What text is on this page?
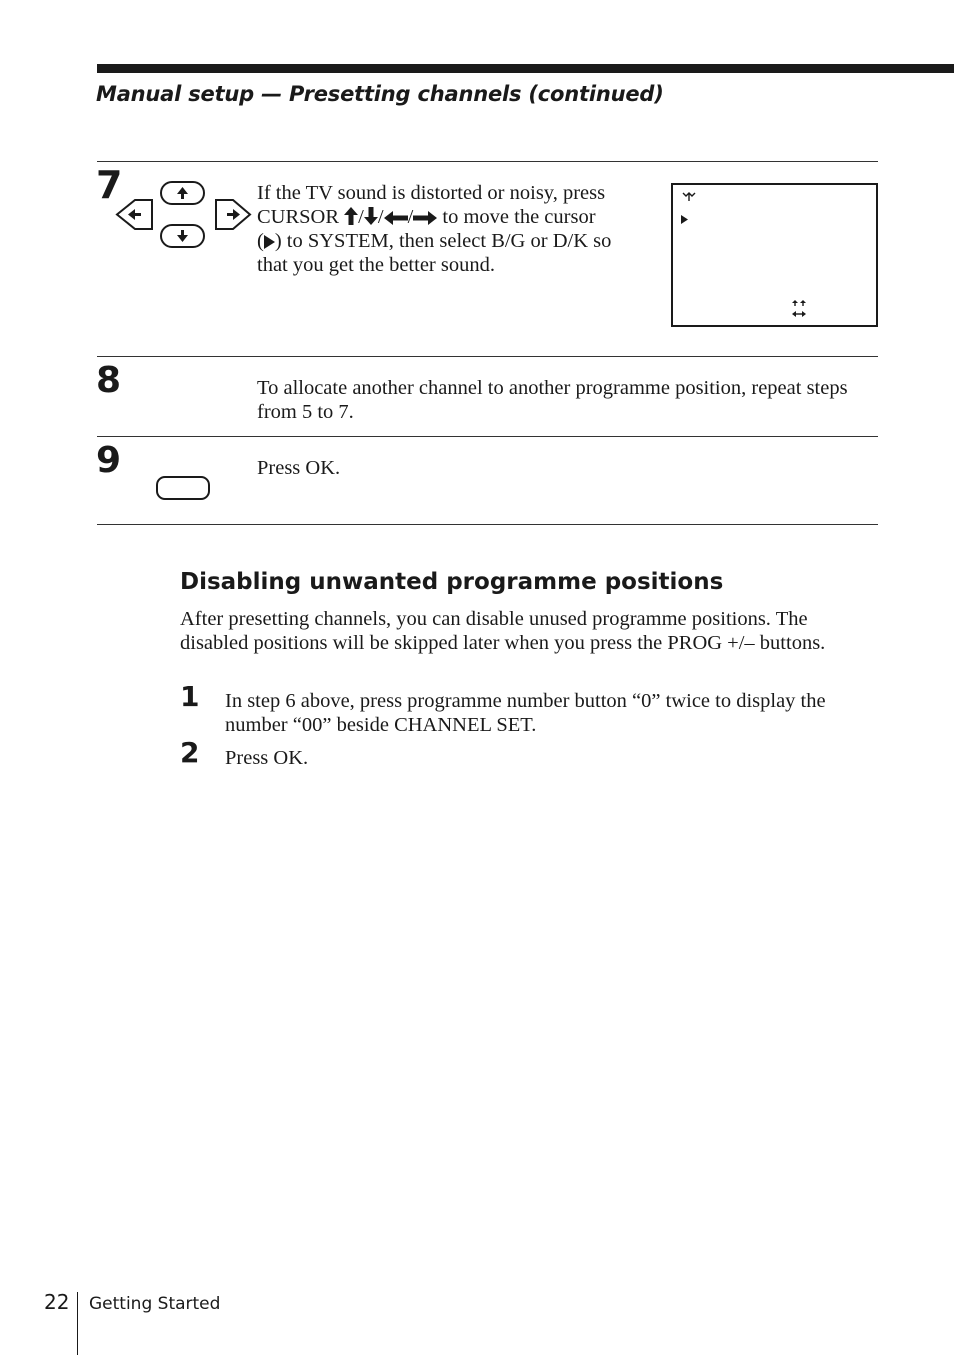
Manual setup — Presetting channels (continued)
7	If the TV sound is distorted or noisy, press
CURSOR / / / to move the cursor
( ) to SYSTEM, then select B/G or D/K so
that you get the better sound.
8	To allocate another channel to another programme position, repeat steps from 5 to 7.
9	Press OK.
Disabling unwanted programme positions
After presetting channels, you can disable unused programme positions. The disabled positions will be skipped later when you press the PROG +/– buttons.
1 In step 6 above, press programme number button “0” twice to display the number “00” beside CHANNEL SET.
2 Press OK.
22 Getting Started
